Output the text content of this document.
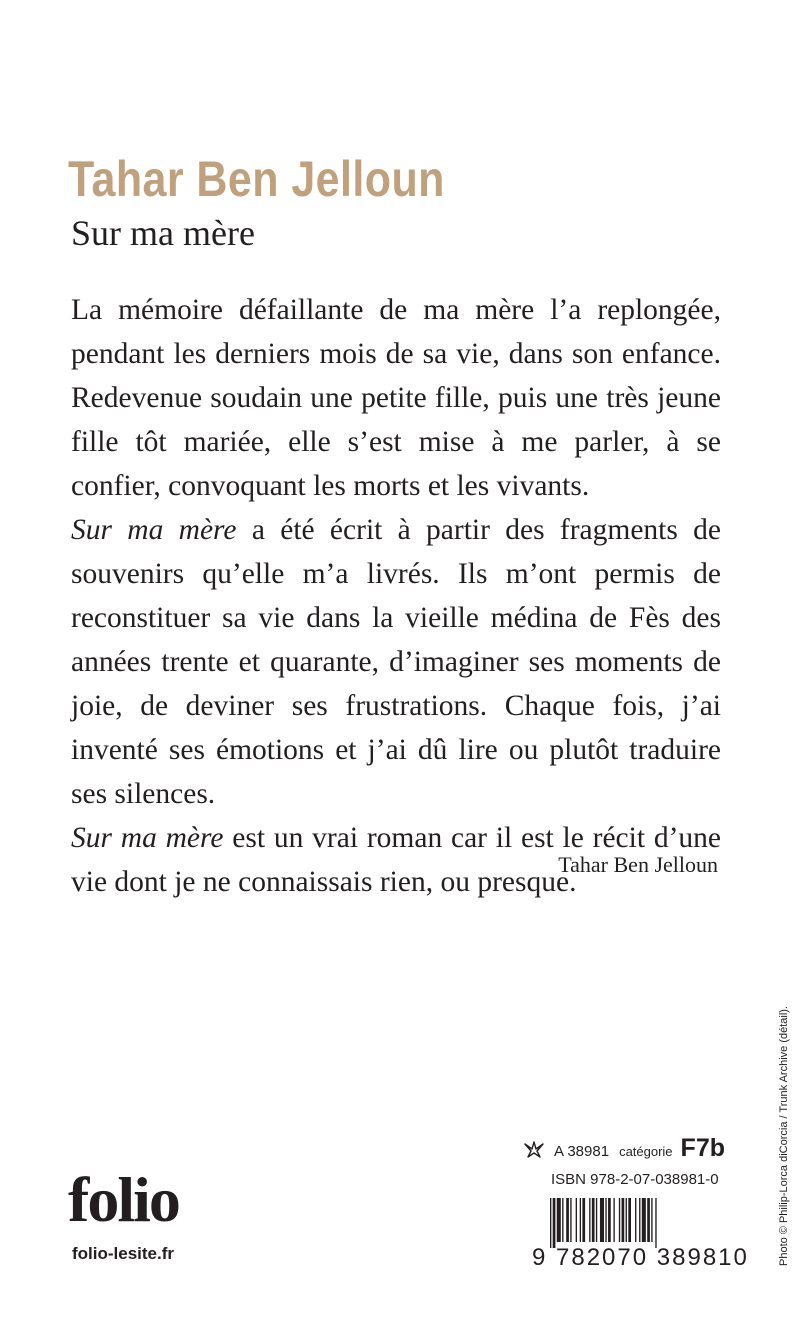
Tahar Ben Jelloun
Sur ma mère

La mémoire défaillante de ma mère l’a replongée, pendant les derniers mois de sa vie, dans son enfance. Redevenue soudain une petite fille, puis une très jeune fille tôt mariée, elle s’est mise à me parler, à se confier, convoquant les morts et les vivants.

Sur ma mère a été écrit à partir des fragments de souvenirs qu’elle m’a livrés. Ils m’ont permis de reconstituer sa vie dans la vieille médina de Fès des années trente et quarante, d’imaginer ses moments de joie, de deviner ses frustrations. Chaque fois, j’ai inventé ses émotions et j’ai dû lire ou plutôt traduire ses silences.

Sur ma mère est un vrai roman car il est le récit d’une vie dont je ne connaissais rien, ou presque.

Tahar Ben Jelloun
Photo © Philip-Lorca diCorcia / Trunk Archive (détail).
A 38981 catégorie F7b
ISBN 978-2-07-038981-0
9 782070 389810
folio
folio-lesite.fr
